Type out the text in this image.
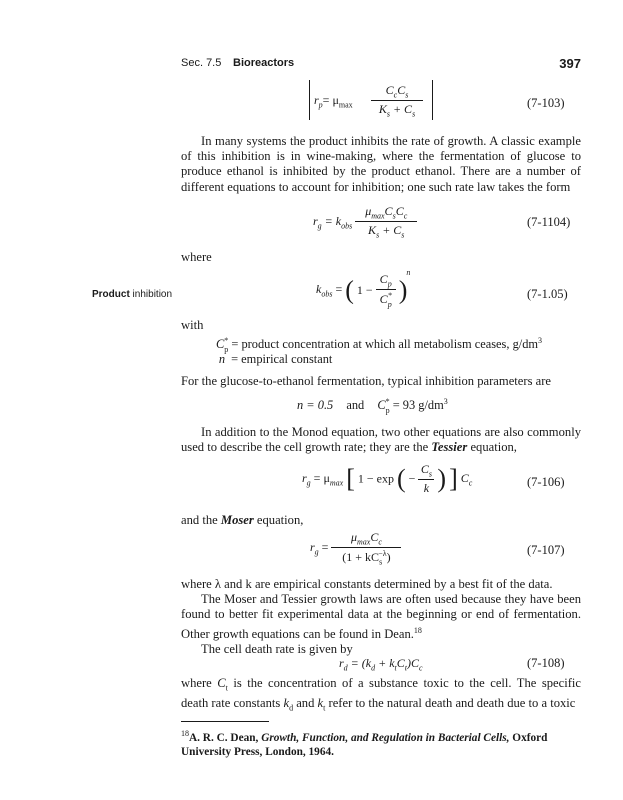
Sec. 7.5 Bioreactors	397
$r_p= \mu_{max}$
$C_cC_s$
$K_s + C_s$
(7-103)

In many systems the product inhibits the rate of growth. A classic example of this inhibition is in wine-making, where the fermentation of glucose to produce ethanol is inhibited by the product ethanol. There are a number of different equations to account for inhibition; one such rate law takes the form

$r_g = k_{obs} \frac{\mu_{max}C_sC_c}{K_s + C_s}$	(7-1104)
where
Product inhibition	$k_{obs}$ = ( $1 - \frac{C_p}{C^*_p} )^n$
(7-1.05)
with
$C^*_p$ = product concentration at which all metabolism ceases, $g/dm^3$
n = empirical constant
For the glucose-to-ethanol fermentation, typical inhibition parameters are
n = 0.5 and $C^*_p = 93$ $g/dm^3$

In addition to the Monod equation, two other equations are also commonly used to describe the cell growth rate; they are the Tessier equation,

$r_g = \mu_{max}$ [ 1 − exp ( − $\frac{C_s}{k}$ ) ] $C_c$	(7-106)
and the Moser equation,
$r_g = \frac{\mu_{max}C_c}{(1 + kC_s^{-\lambda})}$	(7-107)

where λ and k are empirical constants determined by a best fit of the data.

The Moser and Tessier growth laws are often used because they have been found to better fit experimental data at the beginning or end of fermentation. Other growth equations can be found in Dean.$^{18}$

The cell death rate is given by

$r_d = (k_d + k_tC_t)C_c$	(7-108)

where $C_t$ is the concentration of a substance toxic to the cell. The specific death rate constants $k_d$ and $k_t$ refer to the natural death and death due to a toxic

$^{18}$A. R. C. Dean, Growth, Function, and Regulation in Bacterial Cells, Oxford University Press, London, 1964.
